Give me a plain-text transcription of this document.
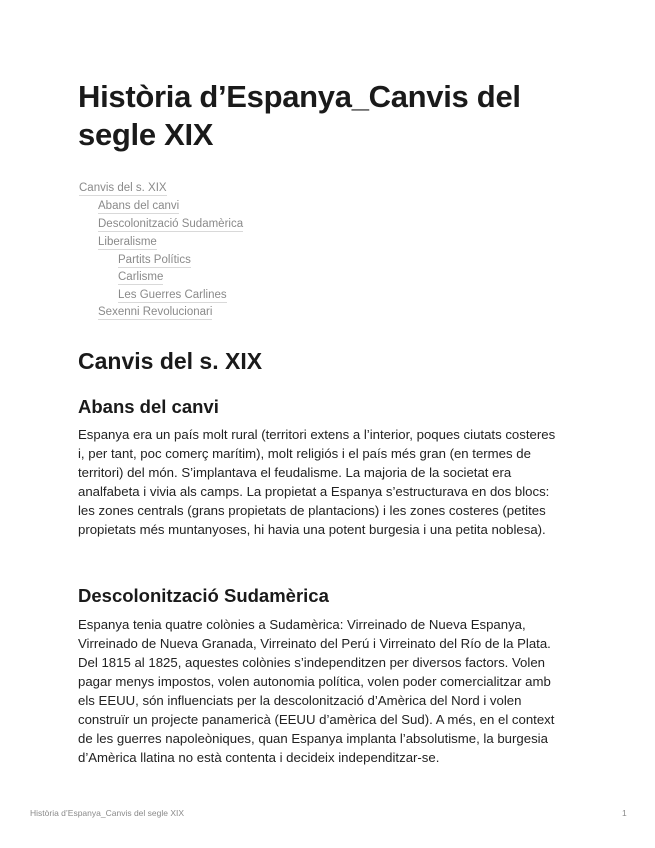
Història d’Espanya_Canvis del segle XIX
Canvis del s. XIX
Abans del canvi
Descolonització Sudamèrica
Liberalisme
Partits Polítics
Carlisme
Les Guerres Carlines
Sexenni Revolucionari
Canvis del s. XIX
Abans del canvi
Espanya era un país molt rural (territori extens a l’interior, poques ciutats costeres
i, per tant, poc comerç marítim), molt religiós i el país més gran (en termes de
territori) del món. S’implantava el feudalisme. La majoria de la societat era
analfabeta i vivia als camps. La propietat a Espanya s’estructurava en dos blocs:
les zones centrals (grans propietats de plantacions) i les zones costeres (petites
propietats més muntanyoses, hi havia una potent burgesia i una petita noblesa).
Descolonització Sudamèrica
Espanya tenia quatre colònies a Sudamèrica: Virreinado de Nueva Espanya,
Virreinado de Nueva Granada, Virreinato del Perú i Virreinato del Río de la Plata.
Del 1815 al 1825, aquestes colònies s’independitzen per diversos factors. Volen
pagar menys impostos, volen autonomia política, volen poder comercialitzar amb
els EEUU, són influenciats per la descolonització d’Amèrica del Nord i volen
construïr un projecte panamericà (EEUU d’amèrica del Sud). A més, en el context
de les guerres napoleòniques, quan Espanya implanta l’absolutisme, la burgesia
d’Amèrica llatina no està contenta i decideix independitzar-se.
Història d’Espanya_Canvis del segle XIX	1
